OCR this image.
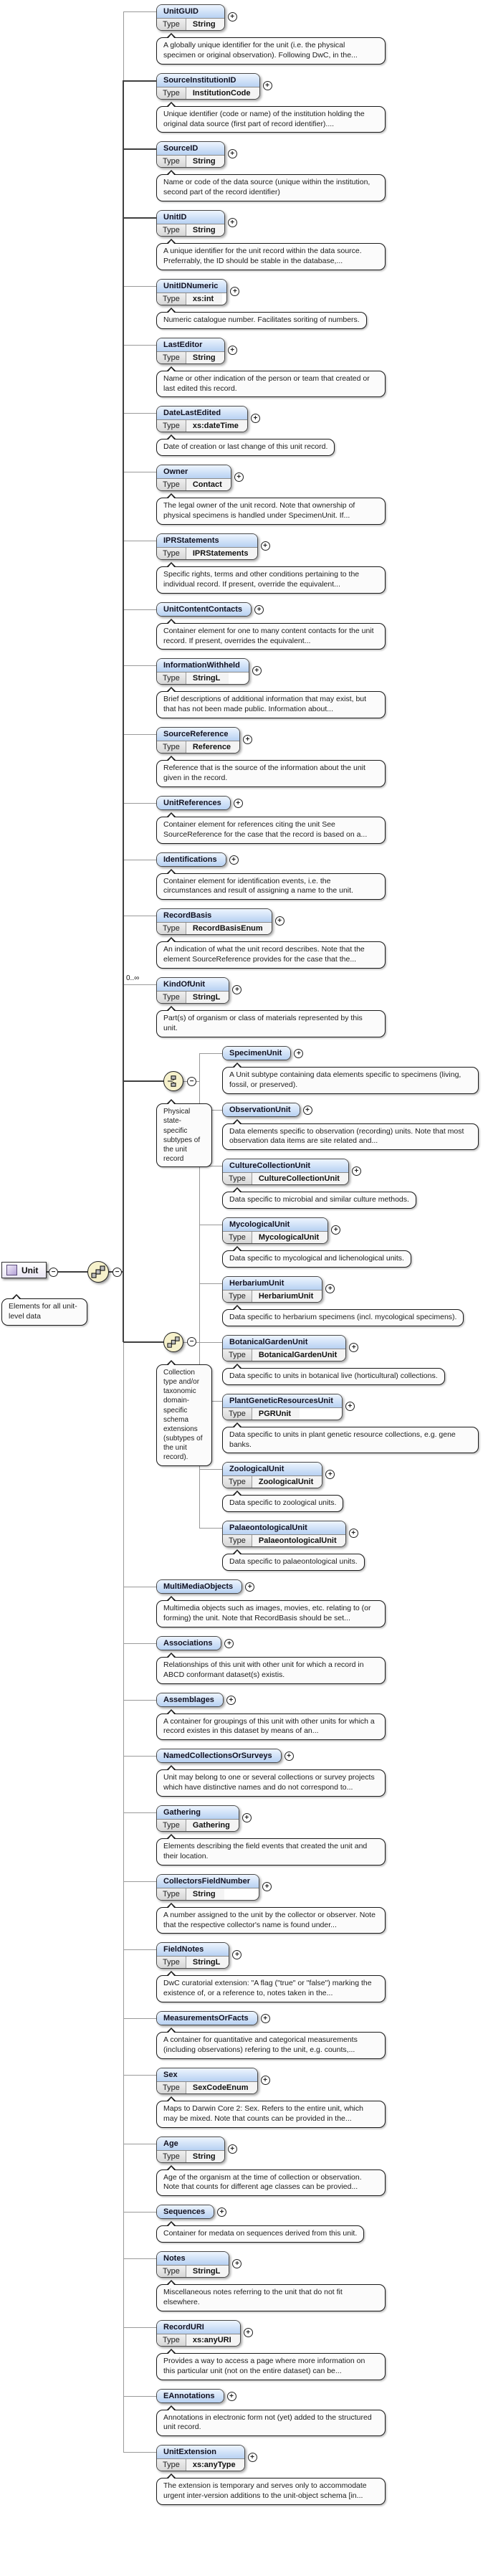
Unit	−	−
Elements for all unit-level data
UnitGUID
Type	String
+
A globally unique identifier for the unit (i.e. the physical specimen or original observation). Following DwC, in the...
SourceInstitutionID
Type	InstitutionCode
+
Unique identifier (code or name) of the institution holding the original data source (first part of record identifier)....
SourceID
Type	String
+
Name or code of the data source (unique within the institution, second part of the record identifier)
UnitID
Type	String
+
A unique identifier for the unit record within the data source. Preferrably, the ID should be stable in the database,...
UnitIDNumeric
Type	xs:int
+
Numeric catalogue number. Facilitates soriting of numbers.
LastEditor
Type	String
+
Name or other indication of the person or team that created or last edited this record.
DateLastEdited
Type	xs:dateTime
+
Date of creation or last change of this unit record.
Owner
Type	Contact
+
The legal owner of the unit record. Note that ownership of physical specimens is handled under SpecimenUnit. If...
IPRStatements
Type	IPRStatements
+
Specific rights, terms and other conditions pertaining to the individual record. If present, override the equivalent...
UnitContentContacts	+
Container element for one to many content contacts for the unit record. If present, overrides the equivalent...
InformationWithheld
Type	StringL
+
Brief descriptions of additional information that may exist, but that has not been made public. Information about...
SourceReference
Type	Reference
+
Reference that is the source of the information about the unit given in the record.
UnitReferences	+
Container element for references citing the unit See SourceReference for the case that the record is based on a...
Identifications	+
Container element for identification events, i.e. the circumstances and result of assigning a name to the unit.
RecordBasis
Type	RecordBasisEnum
+
An indication of what the unit record describes. Note that the element SourceReference provides for the case that the...
0..∞
KindOfUnit
Type	StringL
+
Part(s) of organism or class of materials represented by this unit.
−
Physical state-specific subtypes of the unit record
SpecimenUnit	+
A Unit subtype containing data elements specific to specimens (living, fossil, or preserved).
ObservationUnit	+
Data elements specific to observation (recording) units. Note that most observation data items are site related and...
−
Collection type and/or taxonomic domain-specific schema extensions (subtypes of the unit record).
CultureCollectionUnit
Type	CultureCollectionUnit
+
Data specific to microbial and similar culture methods.
MycologicalUnit
Type	MycologicalUnit
+
Data specific to mycological and lichenological units.
HerbariumUnit
Type	HerbariumUnit
+
Data specific to herbarium specimens (incl. mycological specimens).
BotanicalGardenUnit
Type	BotanicalGardenUnit
+
Data specific to units in botanical live (horticultural) collections.
PlantGeneticResourcesUnit
Type	PGRUnit
+
Data specific to units in plant genetic resource collections, e.g. gene banks.
ZoologicalUnit
Type	ZoologicalUnit
+
Data specific to zoological units.
PalaeontologicalUnit
Type	PalaeontologicalUnit
+
Data specific to palaeontological units.
MultiMediaObjects	+
Multimedia objects such as images, movies, etc. relating to (or forming) the unit. Note that RecordBasis should be set...
Associations	+
Relationships of this unit with other unit for which a record in ABCD conformant dataset(s) existis.
Assemblages	+
A container for groupings of this unit with other units for which a record existes in this dataset by means of an...
NamedCollectionsOrSurveys	+
Unit may belong to one or several collections or survey projects which have distinctive names and do not correspond to...
Gathering
Type	Gathering
+
Elements describing the field events that created the unit and their location.
CollectorsFieldNumber
Type	String
+
A number assigned to the unit by the collector or observer. Note that the respective collector's name is found under...
FieldNotes
Type	StringL
+
DwC curatorial extension: "A flag ("true" or "false") marking the existence of, or a reference to, notes taken in the...
MeasurementsOrFacts	+
A container for quantitative and categorical measurements (including observations) refering to the unit, e.g. counts,...
Sex
Type	SexCodeEnum
+
Maps to Darwin Core 2: Sex. Refers to the entire unit, which may be mixed. Note that counts can be provided in the...
Age
Type	String
+
Age of the organism at the time of collection or observation. Note that counts for different age classes can be provied...
Sequences	+
Container for medata on sequences derived from this unit.
Notes
Type	StringL
+
Miscellaneous notes referring to the unit that do not fit elsewhere.
RecordURI
Type	xs:anyURI
+
Provides a way to access a page where more information on this particular unit (not on the entire dataset) can be...
EAnnotations	+
Annotations in electronic form not (yet) added to the structured unit record.
UnitExtension
Type	xs:anyType
+
The extension is temporary and serves only to accommodate urgent inter-version additions to the unit-object schema [in...
